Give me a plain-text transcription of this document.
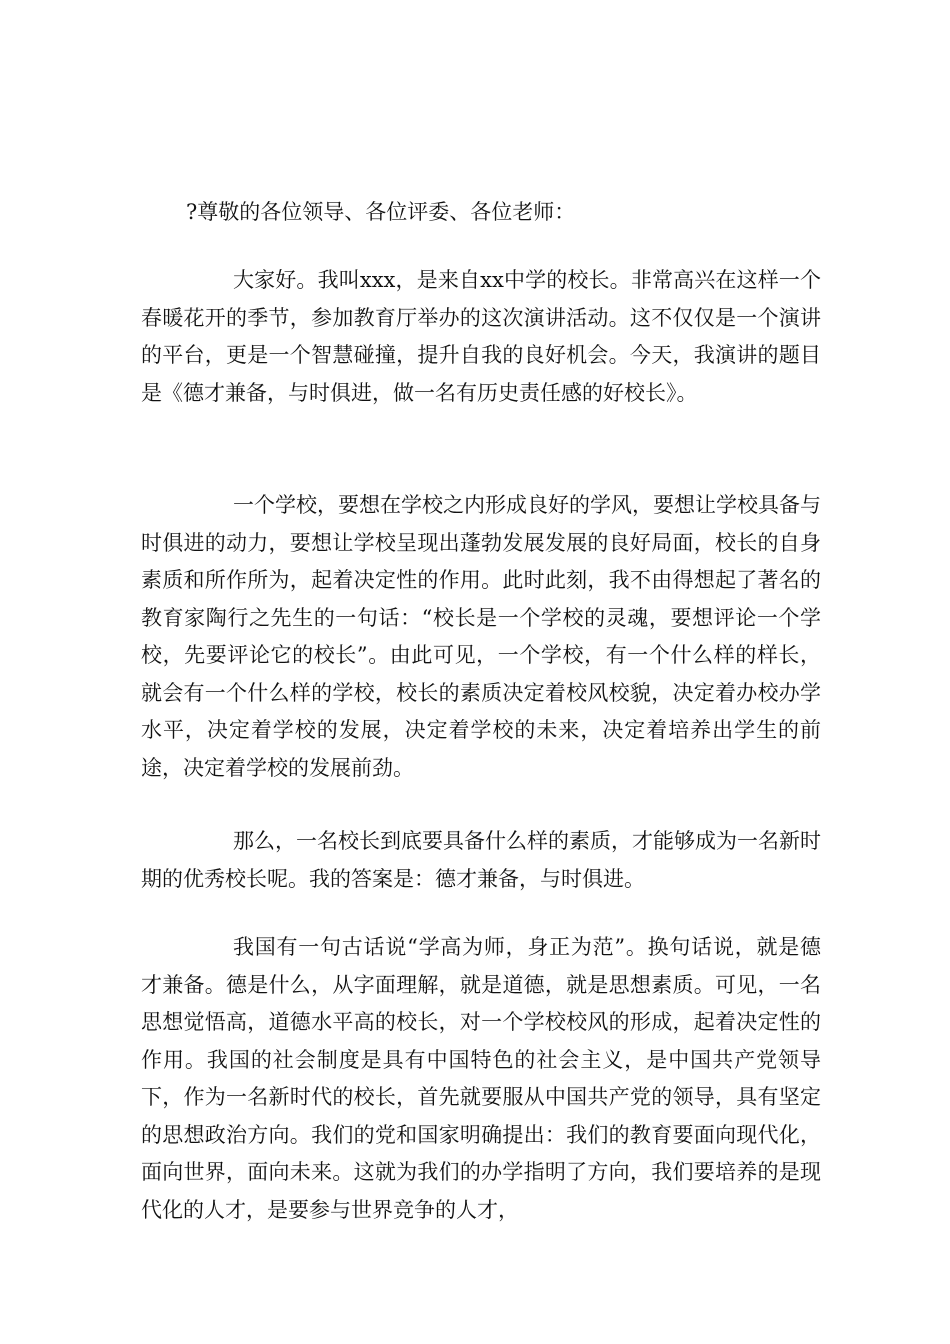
?尊敬的各位领导、各位评委、各位老师：

大家好。我叫xxx，是来自xx中学的校长。非常高兴在这样一个春暖花开的季节，参加教育厅举办的这次演讲活动。这不仅仅是一个演讲的平台，更是一个智慧碰撞，提升自我的良好机会。今天，我演讲的题目是《德才兼备，与时俱进，做一名有历史责任感的好校长》。

一个学校，要想在学校之内形成良好的学风，要想让学校具备与时俱进的动力，要想让学校呈现出蓬勃发展发展的良好局面，校长的自身素质和所作所为，起着决定性的作用。此时此刻，我不由得想起了著名的教育家陶行之先生的一句话：“校长是一个学校的灵魂，要想评论一个学校，先要评论它的校长”。由此可见，一个学校，有一个什么样的样长，就会有一个什么样的学校，校长的素质决定着校风校貌，决定着办校办学水平，决定着学校的发展，决定着学校的未来，决定着培养出学生的前途，决定着学校的发展前劲。

那么，一名校长到底要具备什么样的素质，才能够成为一名新时期的优秀校长呢。我的答案是：德才兼备，与时俱进。

我国有一句古话说“学高为师，身正为范”。换句话说，就是德才兼备。德是什么，从字面理解，就是道德，就是思想素质。可见，一名思想觉悟高，道德水平高的校长，对一个学校校风的形成，起着决定性的作用。我国的社会制度是具有中国特色的社会主义，是中国共产党领导下，作为一名新时代的校长，首先就要服从中国共产党的领导，具有坚定的思想政治方向。我们的党和国家明确提出：我们的教育要面向现代化，面向世界，面向未来。这就为我们的办学指明了方向，我们要培养的是现代化的人才，是要参与世界竞争的人才，
